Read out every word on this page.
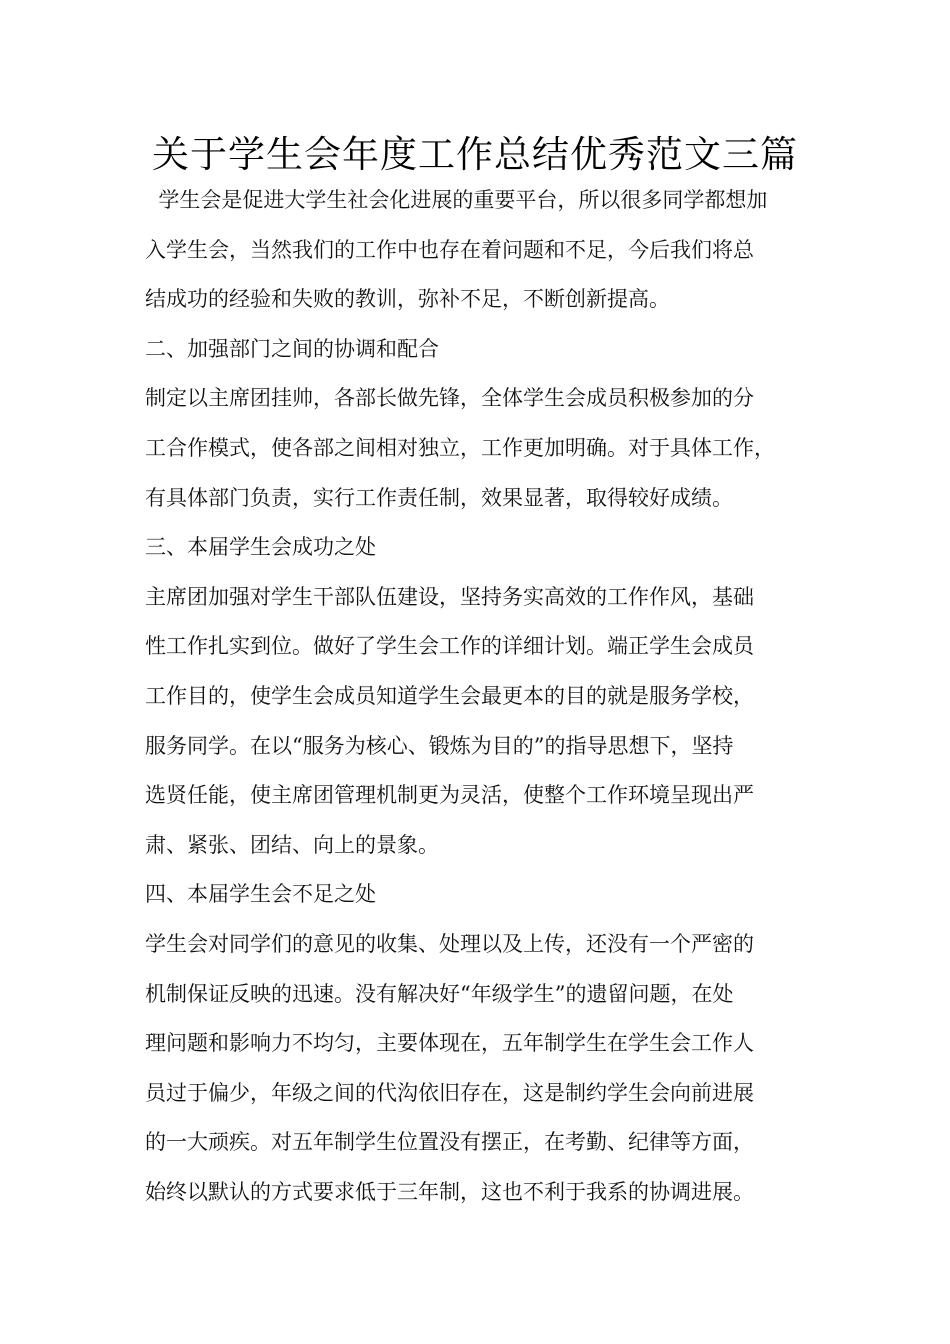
关于学生会年度工作总结优秀范文三篇

学生会是促进大学生社会化进展的重要平台，所以很多同学都想加

入学生会，当然我们的工作中也存在着问题和不足，今后我们将总

结成功的经验和失败的教训，弥补不足，不断创新提高。

二、加强部门之间的协调和配合

制定以主席团挂帅，各部长做先锋，全体学生会成员积极参加的分

工合作模式，使各部之间相对独立，工作更加明确。对于具体工作，

有具体部门负责，实行工作责任制，效果显著，取得较好成绩。

三、本届学生会成功之处

主席团加强对学生干部队伍建设，坚持务实高效的工作作风，基础

性工作扎实到位。做好了学生会工作的详细计划。端正学生会成员

工作目的，使学生会成员知道学生会最更本的目的就是服务学校，

服务同学。在以“服务为核心、锻炼为目的”的指导思想下，坚持

选贤任能，使主席团管理机制更为灵活，使整个工作环境呈现出严

肃、紧张、团结、向上的景象。

四、本届学生会不足之处

学生会对同学们的意见的收集、处理以及上传，还没有一个严密的

机制保证反映的迅速。没有解决好“年级学生”的遗留问题，在处

理问题和影响力不均匀，主要体现在，五年制学生在学生会工作人

员过于偏少，年级之间的代沟依旧存在，这是制约学生会向前进展

的一大顽疾。对五年制学生位置没有摆正，在考勤、纪律等方面，

始终以默认的方式要求低于三年制，这也不利于我系的协调进展。
